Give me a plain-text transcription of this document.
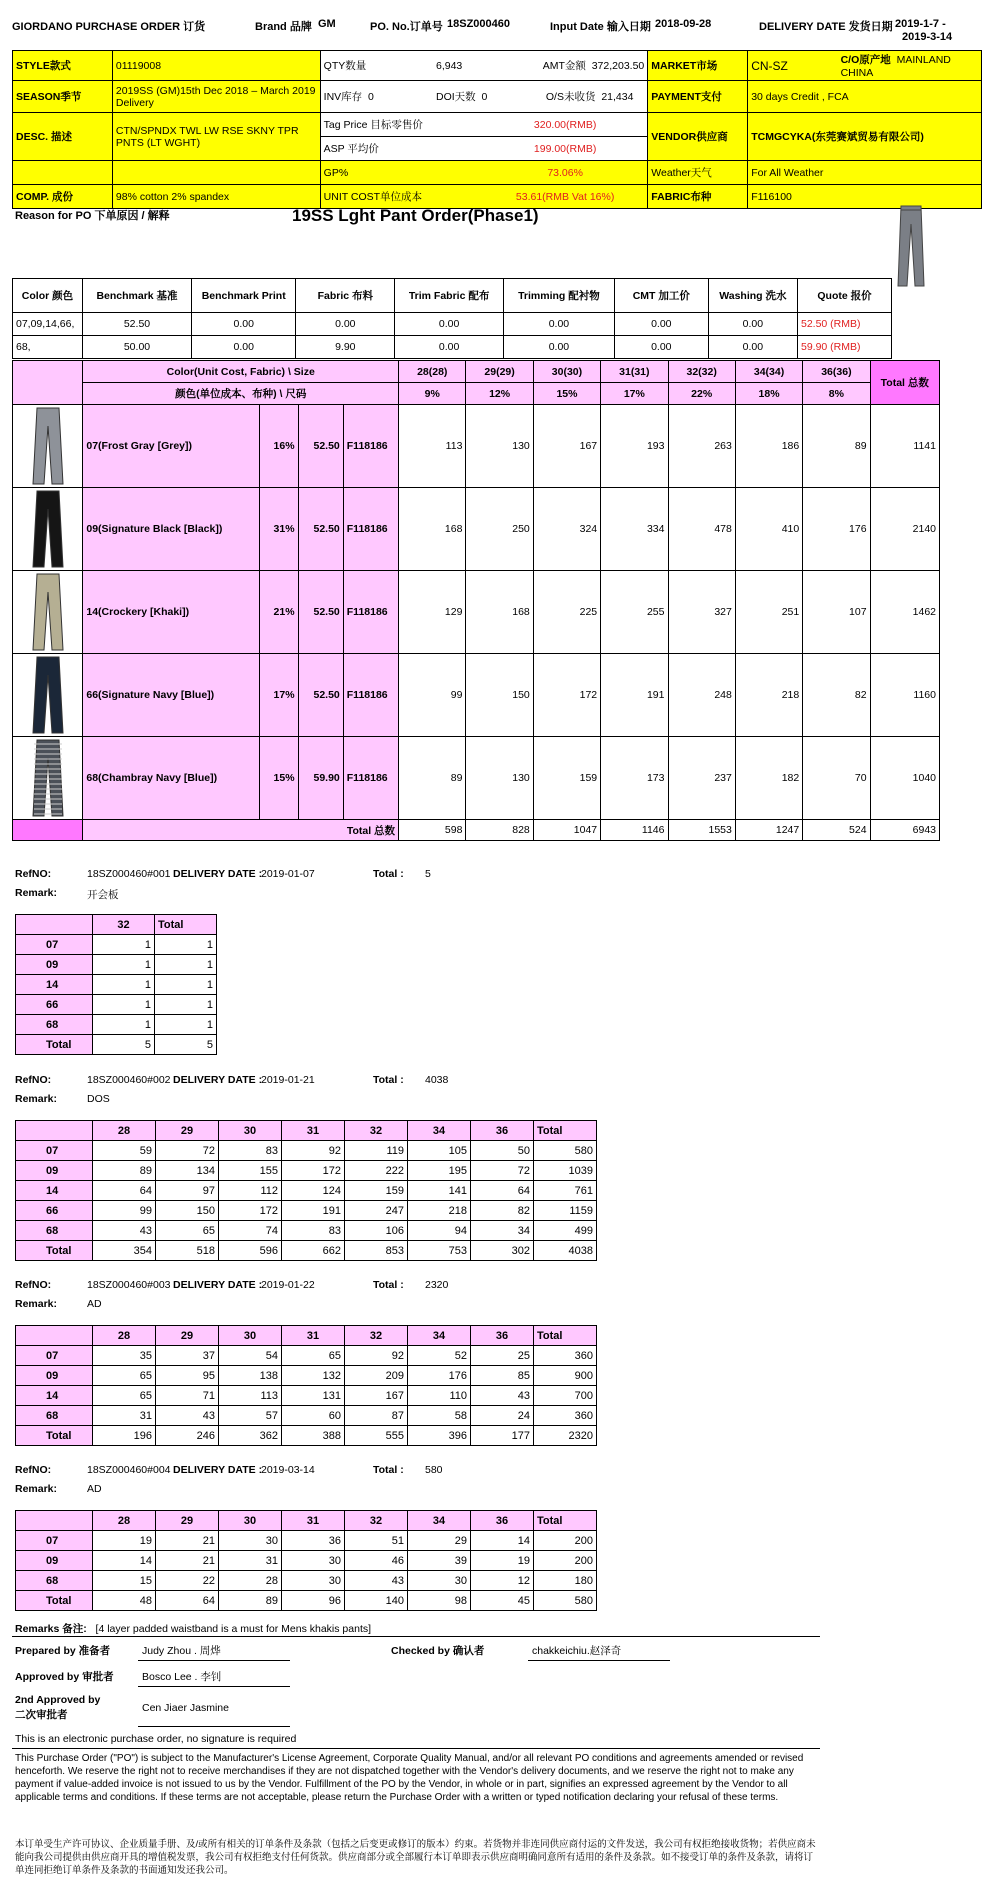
GIORDANO PURCHASE ORDER 订货	Brand 品牌 GM	PO. No.订单号 18SZ000460	Input Date 输入日期 2018-09-28	DELIVERY DATE 发货日期 2019-1-7 -
2019-3-14
STYLE款式	01119008	QTY数量	6,943	AMT金额 372,203.50		MARKET市场	CN-SZ	C/O原产地 MAINLAND CHINA
SEASON季节	2019SS (GM)15th Dec 2018 – March 2019 Delivery	INV库存 0	DOI天数 0		O/S未收货 21,434	PAYMENT支付	30 days Credit , FCA	
DESC. 描述	CTN/SPNDX TWL LW RSE SKNY TPR PNTS (LT WGHT)	Tag Price 目标零售价		320.00(RMB)		VENDOR供应商	TCMGCYKA(东莞赛斌贸易有限公司)	
		ASP 平均价		199.00(RMB)				
		GP%		73.06%		Weather天气	For All Weather	
COMP. 成份	98% cotton 2% spandex	UNIT COST单位成本		53.61(RMB Vat 16%)		FABRIC布种	F116100	
Reason for PO 下单原因 / 解释	19SS Lght Pant Order(Phase1)
Color 颜色	Benchmark 基准	Benchmark Print	Fabric 布料	Trim Fabric 配布	Trimming 配衬物	CMT 加工价	Washing 洗水	Quote 报价
07,09,14,66,	52.50	0.00	0.00	0.00	0.00	0.00	0.00	52.50 (RMB)
68,	50.00	0.00	9.90	0.00	0.00	0.00	0.00	59.90 (RMB)
	Color(Unit Cost, Fabric) \ Size				28(28)	29(29)	30(30)	31(31)	32(32)	34(34)	36(36)	Total 总数
	颜色(单位成本、布种) \ 尺码				9%	12%	15%	17%	22%	18%	8%	

	07(Frost Gray [Grey])	16%	52.50	F118186	113	130	167	193	263	186	89	1141

	09(Signature Black [Black])	31%	52.50	F118186	168	250	324	334	478	410	176	2140

	14(Crockery [Khaki])	21%	52.50	F118186	129	168	225	255	327	251	107	1462

	66(Signature Navy [Blue])	17%	52.50	F118186	99	150	172	191	248	218	82	1160

	68(Chambray Navy [Blue])	15%	59.90	F118186	89	130	159	173	237	182	70	1040
	Total 总数				598	828	1047	1146	1553	1247	524	6943
RefNO:	18SZ000460#001 DELIVERY DATE :
2019-01-07	Total : 5
Remark:	开会板
	32	Total
07	1	1
09	1	1
14	1	1
66	1	1
68	1	1
Total	5	5
RefNO:	18SZ000460#002 DELIVERY DATE :
2019-01-21	Total : 4038
Remark:	DOS
	28	29	30	31	32	34	36	Total
07	59	72	83	92	119	105	50	580
09	89	134	155	172	222	195	72	1039
14	64	97	112	124	159	141	64	761
66	99	150	172	191	247	218	82	1159
68	43	65	74	83	106	94	34	499
Total	354	518	596	662	853	753	302	4038
RefNO:	18SZ000460#003 DELIVERY DATE :
2019-01-22	Total : 2320
Remark:	AD
	28	29	30	31	32	34	36	Total
07	35	37	54	65	92	52	25	360
09	65	95	138	132	209	176	85	900
14	65	71	113	131	167	110	43	700
68	31	43	57	60	87	58	24	360
Total	196	246	362	388	555	396	177	2320
RefNO:	18SZ000460#004 DELIVERY DATE :
2019-03-14	Total : 580
Remark:	AD
	28	29	30	31	32	34	36	Total
07	19	21	30	36	51	29	14	200
09	14	21	31	30	46	39	19	200
68	15	22	28	30	43	30	12	180
Total	48	64	89	96	140	98	45	580
Remarks 备注: [4 layer padded waistband is a must for Mens khakis pants]
Prepared by 准备者	Judy Zhou . 周烨	Checked by 确认者	chakkeichiu.赵泽奇
Approved by 审批者	Bosco Lee . 李钊
2nd Approved by
二次审批者
Cen Jiaer Jasmine
This is an electronic purchase order, no signature is required
This Purchase Order ("PO") is subject to the Manufacturer's License Agreement, Corporate Quality Manual, and/or all relevant PO conditions and agreements amended or revised henceforth. We reserve the right not to receive merchandises if they are not dispatched together with the Vendor's delivery documents, and we reserve the right not to make any payment if value-added invoice is not issued to us by the Vendor. Fulfillment of the PO by the Vendor, in whole or in part, signifies an expressed agreement by the Vendor to all applicable terms and conditions. If these terms are not acceptable, please return the Purchase Order with a written or typed notification declaring your refusal of these terms.
本订单受生产许可协议、企业质量手册、及/或所有相关的订单条件及条款（包括之后变更或修订的版本）约束。若货物并非连同供应商付运的文件发送，我公司有权拒绝接收货物；若供应商未能向我公司提供由供应商开具的增值税发票，我公司有权拒绝支付任何货款。供应商部分或全部履行本订单即表示供应商明确同意所有适用的条件及条款。如不接受订单的条件及条款，请将订单连同拒绝订单条件及条款的书面通知发还我公司。
